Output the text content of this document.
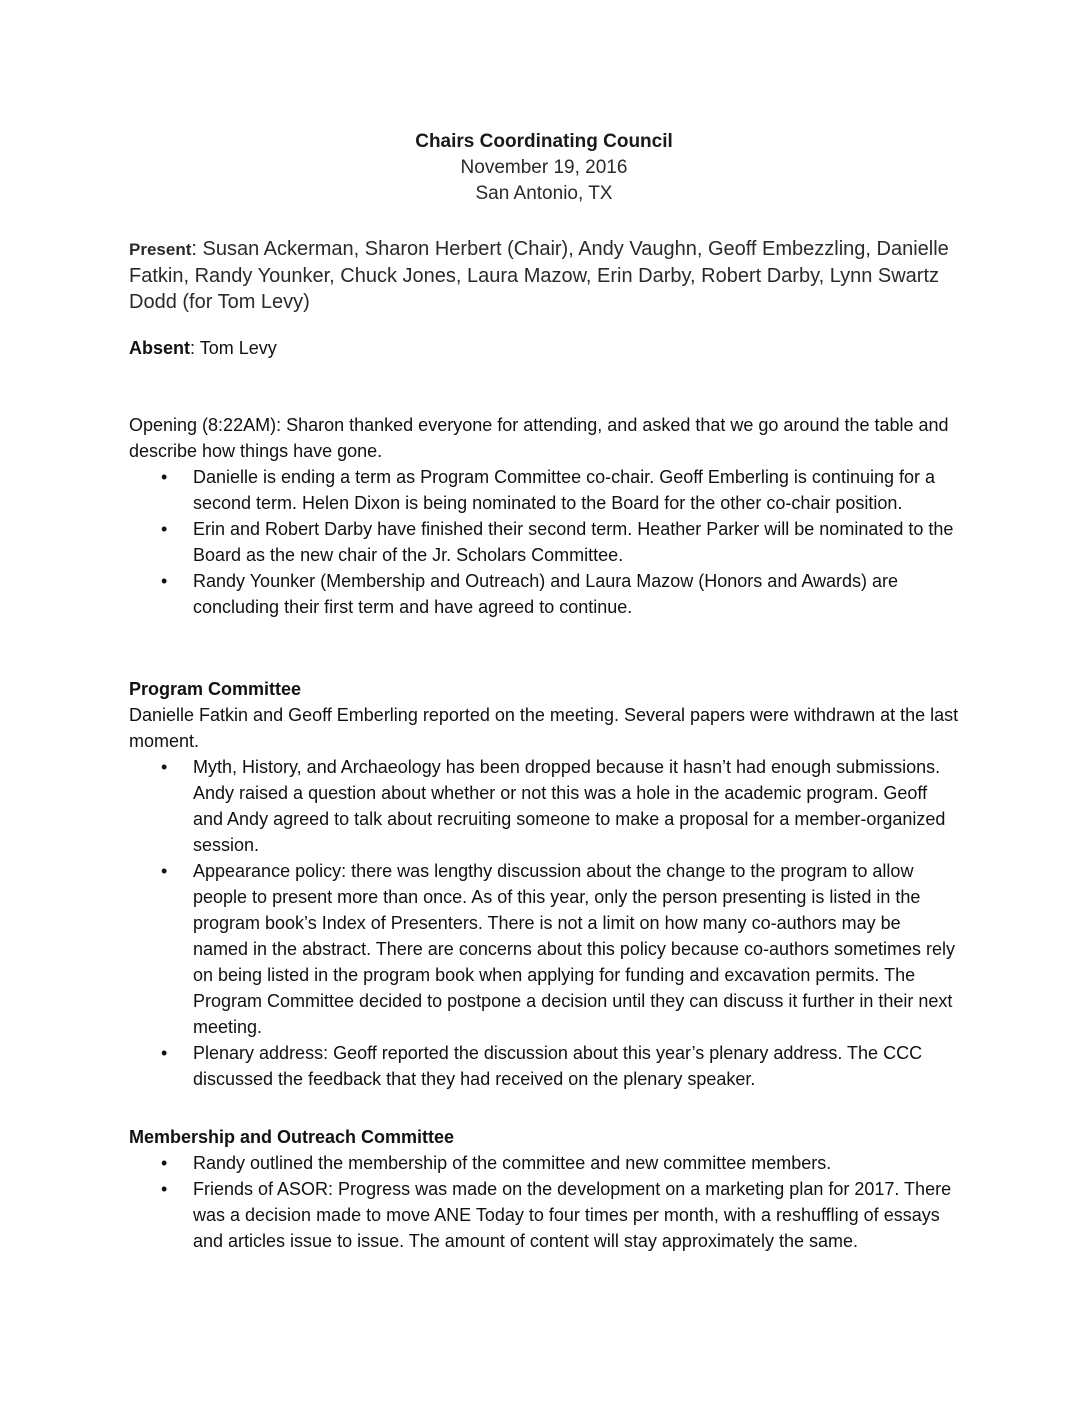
Chairs Coordinating Council
November 19, 2016
San Antonio, TX
Present: Susan Ackerman, Sharon Herbert (Chair), Andy Vaughn, Geoff Embezzling, Danielle Fatkin, Randy Younker, Chuck Jones, Laura Mazow, Erin Darby, Robert Darby, Lynn Swartz Dodd (for Tom Levy)
Absent: Tom Levy
Opening (8:22AM): Sharon thanked everyone for attending, and asked that we go around the table and describe how things have gone.
• Danielle is ending a term as Program Committee co-chair. Geoff Emberling is continuing for a second term. Helen Dixon is being nominated to the Board for the other co-chair position.
• Erin and Robert Darby have finished their second term. Heather Parker will be nominated to the Board as the new chair of the Jr. Scholars Committee.
• Randy Younker (Membership and Outreach) and Laura Mazow (Honors and Awards) are concluding their first term and have agreed to continue.
Program Committee
Danielle Fatkin and Geoff Emberling reported on the meeting. Several papers were withdrawn at the last moment.
• Myth, History, and Archaeology has been dropped because it hasn’t had enough submissions. Andy raised a question about whether or not this was a hole in the academic program. Geoff and Andy agreed to talk about recruiting someone to make a proposal for a member-organized session.
• Appearance policy: there was lengthy discussion about the change to the program to allow people to present more than once. As of this year, only the person presenting is listed in the program book’s Index of Presenters. There is not a limit on how many co-authors may be named in the abstract. There are concerns about this policy because co-authors sometimes rely on being listed in the program book when applying for funding and excavation permits. The Program Committee decided to postpone a decision until they can discuss it further in their next meeting.
• Plenary address: Geoff reported the discussion about this year’s plenary address. The CCC discussed the feedback that they had received on the plenary speaker.
Membership and Outreach Committee
• Randy outlined the membership of the committee and new committee members.
• Friends of ASOR: Progress was made on the development on a marketing plan for 2017. There was a decision made to move ANE Today to four times per month, with a reshuffling of essays and articles issue to issue. The amount of content will stay approximately the same.
